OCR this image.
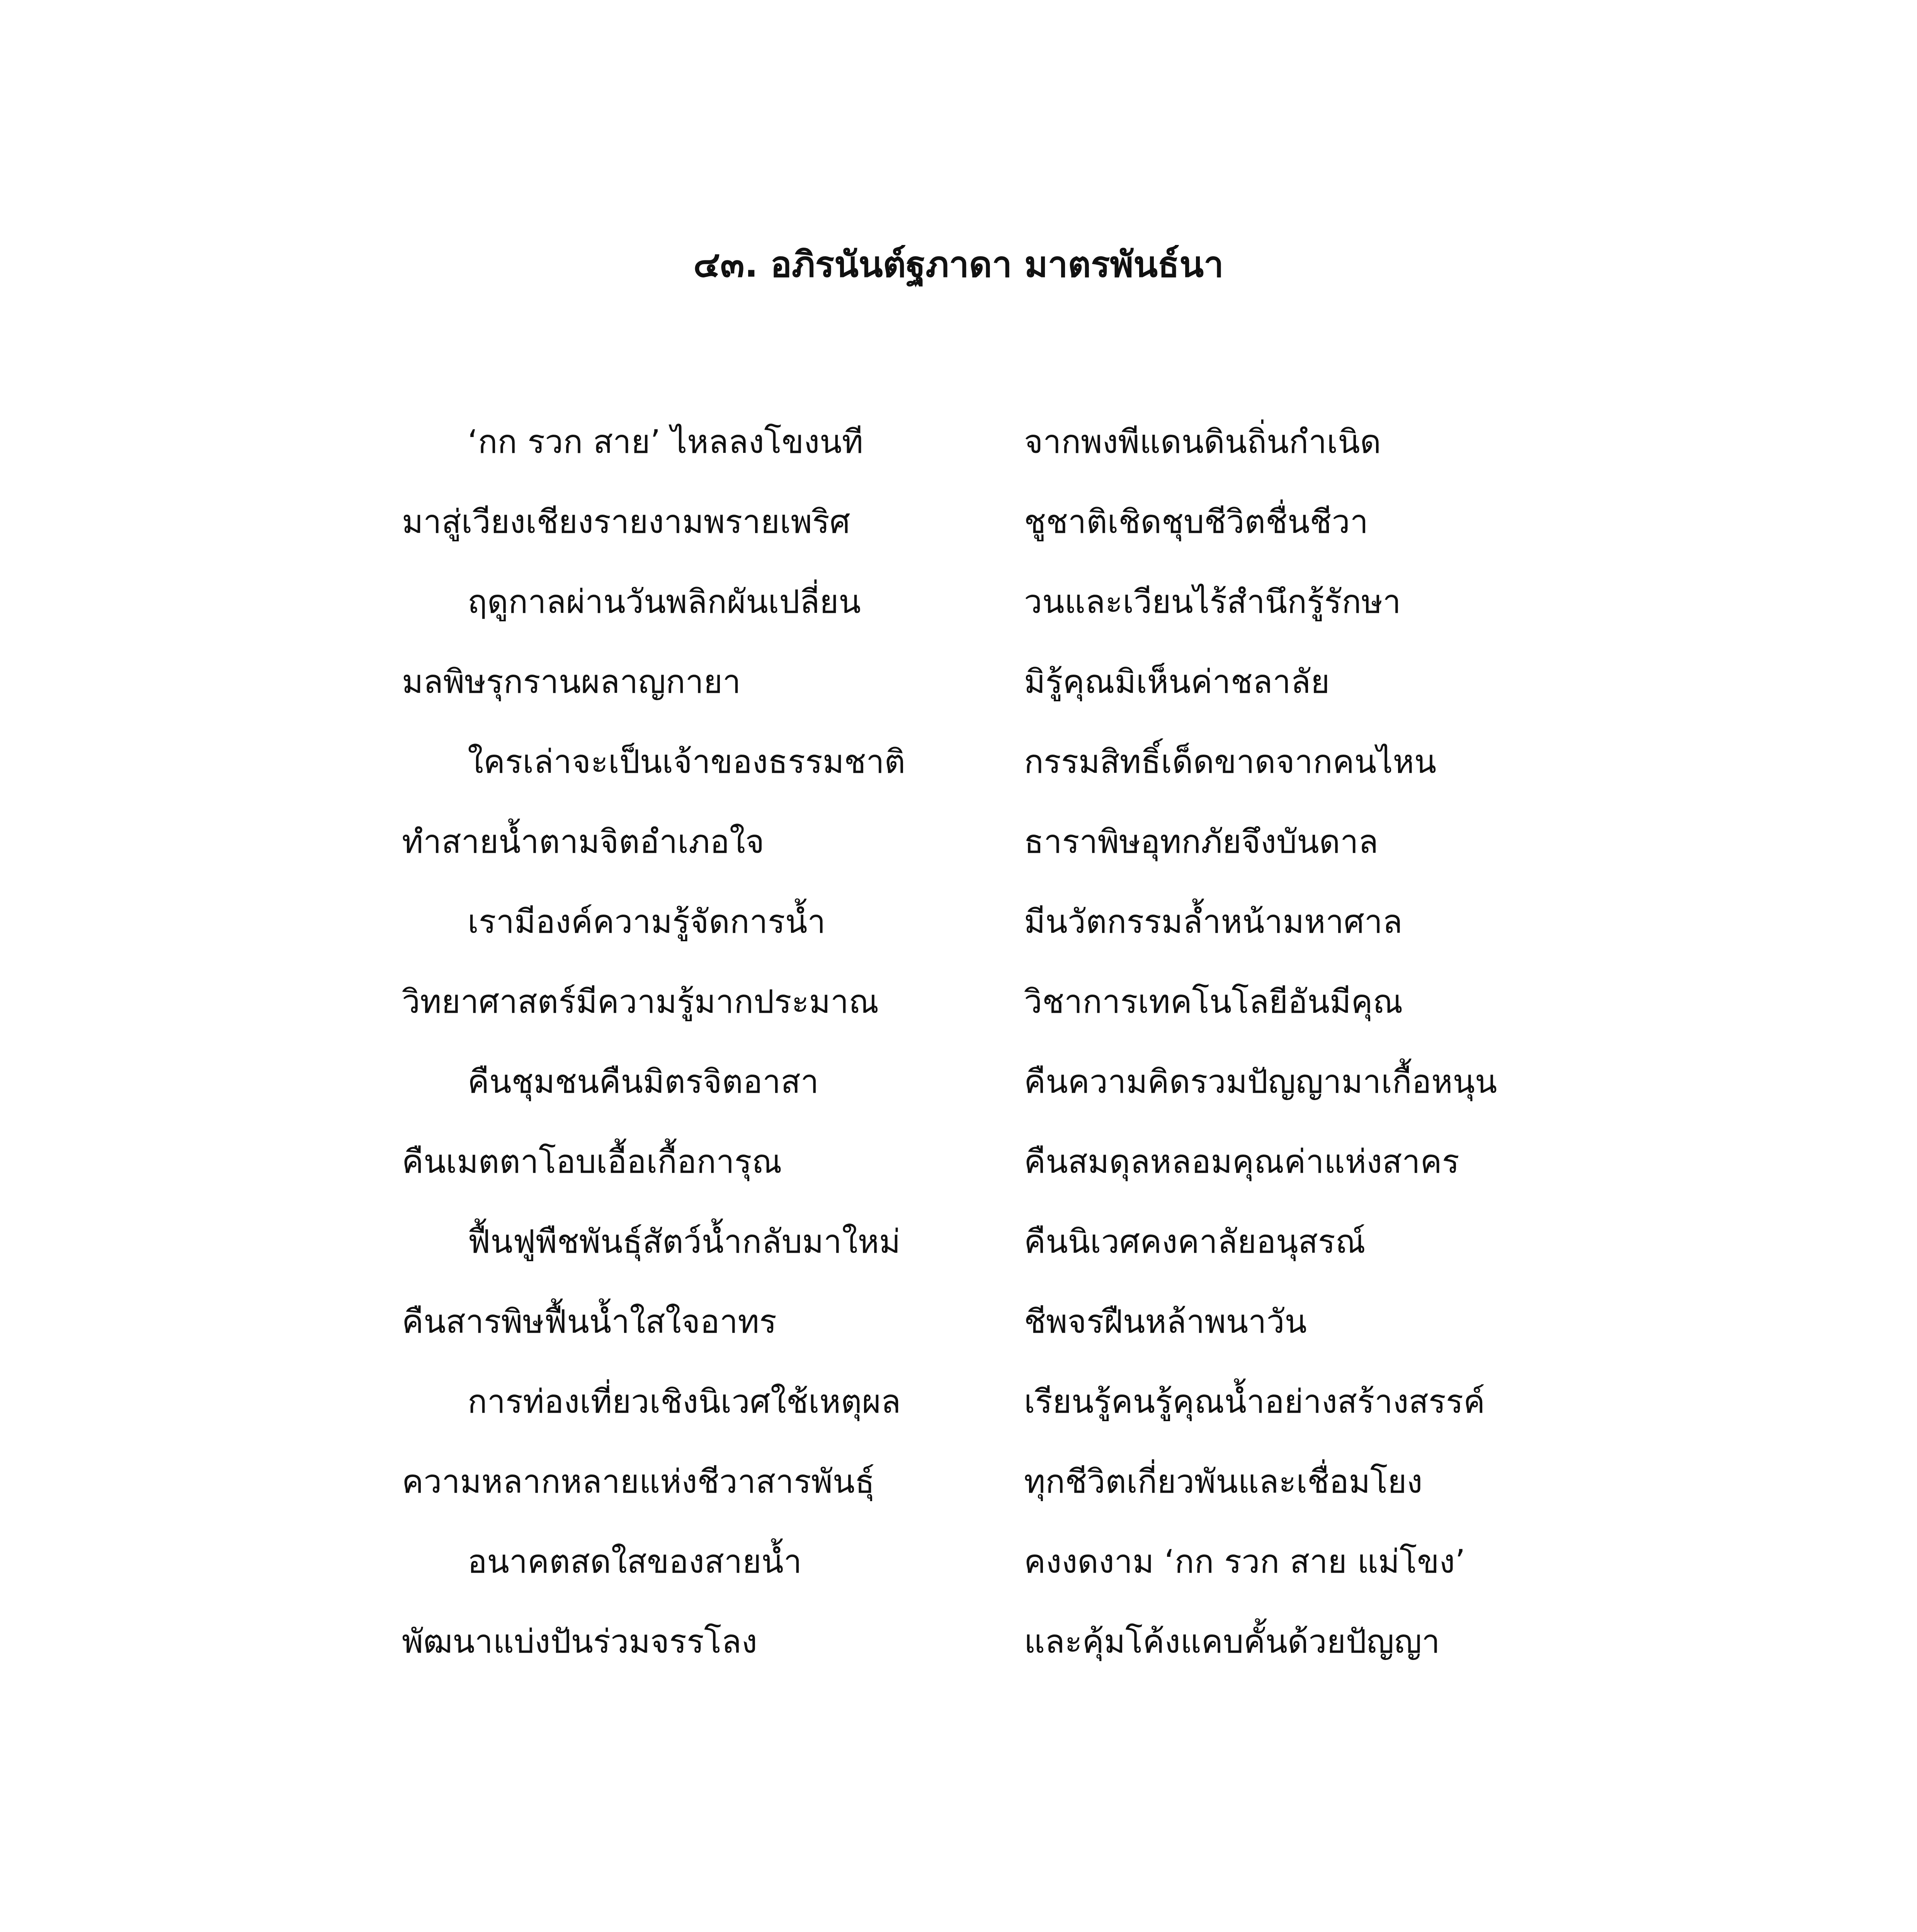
๔๓. อภิรนันต์ฐภาดา มาตรพันธ์นา
‘กก รวก สาย’ ไหลลงโขงนที	จากพงพีแดนดินถิ่นกำเนิด
มาสู่เวียงเชียงรายงามพรายเพริศ	ชูชาติเชิดชุบชีวิตชื่นชีวา
ฤดูกาลผ่านวันพลิกผันเปลี่ยน	วนและเวียนไร้สำนึกรู้รักษา
มลพิษรุกรานผลาญกายา	มิรู้คุณมิเห็นค่าชลาลัย
ใครเล่าจะเป็นเจ้าของธรรมชาติ	กรรมสิทธิ์เด็ดขาดจากคนไหน
ทำสายน้ำตามจิตอำเภอใจ	ธาราพิษอุทกภัยจึงบันดาล
เรามีองค์ความรู้จัดการน้ำ	มีนวัตกรรมล้ำหน้ามหาศาล
วิทยาศาสตร์มีความรู้มากประมาณ	วิชาการเทคโนโลยีอันมีคุณ
คืนชุมชนคืนมิตรจิตอาสา	คืนความคิดรวมปัญญามาเกื้อหนุน
คืนเมตตาโอบเอื้อเกื้อการุณ	คืนสมดุลหลอมคุณค่าแห่งสาคร
ฟื้นฟูพืชพันธุ์สัตว์น้ำกลับมาใหม่	คืนนิเวศคงคาลัยอนุสรณ์
คืนสารพิษฟื้นน้ำใสใจอาทร	ชีพจรฝืนหล้าพนาวัน
การท่องเที่ยวเชิงนิเวศใช้เหตุผล	เรียนรู้คนรู้คุณน้ำอย่างสร้างสรรค์
ความหลากหลายแห่งชีวาสารพันธุ์	ทุกชีวิตเกี่ยวพันและเชื่อมโยง
อนาคตสดใสของสายน้ำ	คงงดงาม ‘กก รวก สาย แม่โขง’
พัฒนาแบ่งปันร่วมจรรโลง	และคุ้มโค้งแคบคั้นด้วยปัญญา
